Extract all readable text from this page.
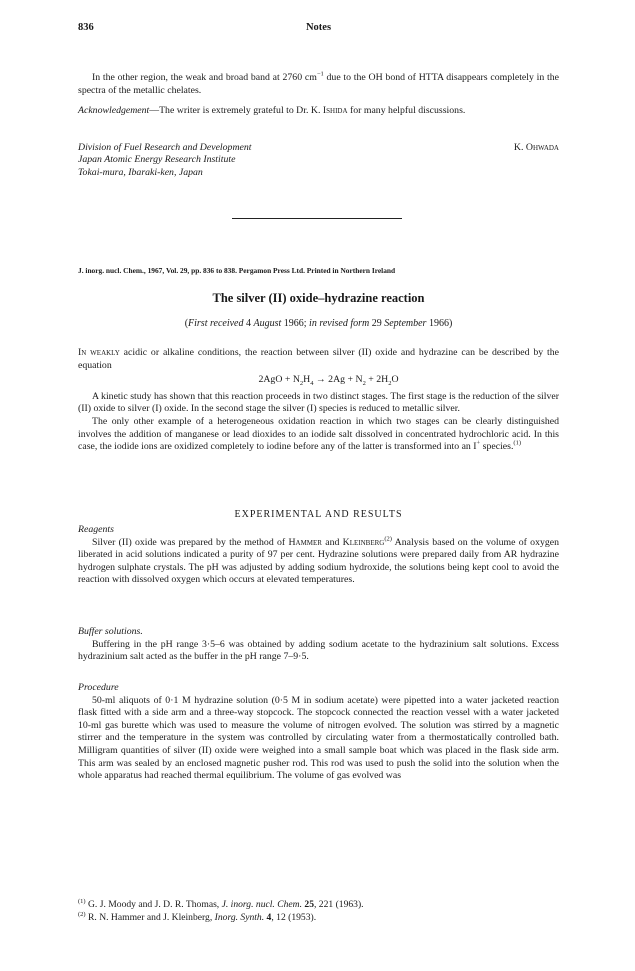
836	Notes

In the other region, the weak and broad band at 2760 $cm^{-1}$ due to the OH bond of HTTA disappears completely in the spectra of the metallic chelates.

Acknowledgement—The writer is extremely grateful to Dr. K. Ishida for many helpful discussions.

Division of Fuel Research and Development
Japan Atomic Energy Research Institute
Tokai-mura, Ibaraki-ken, Japan
K. Ohwada
J. inorg. nucl. Chem., 1967, Vol. 29, pp. 836 to 838. Pergamon Press Ltd. Printed in Northern Ireland
The silver (II) oxide–hydrazine reaction
(First received 4 August 1966; in revised form 29 September 1966)

In weakly acidic or alkaline conditions, the reaction between silver (II) oxide and hydrazine can be described by the equation

$2AgO + N_2H_4 \to 2Ag + N_2 + 2H_2O$

A kinetic study has shown that this reaction proceeds in two distinct stages. The first stage is the reduction of the silver (II) oxide to silver (I) oxide. In the second stage the silver (I) species is reduced to metallic silver.

The only other example of a heterogeneous oxidation reaction in which two stages can be clearly distinguished involves the addition of manganese or lead dioxides to an iodide salt dissolved in concentrated hydrochloric acid. In this case, the iodide ions are oxidized completely to iodine before any of the latter is transformed into an I+ species.$^{(1)}$

EXPERIMENTAL AND RESULTS

Reagents

Silver (II) oxide was prepared by the method of Hammer and Kleinberg$^{(2)}$ Analysis based on the volume of oxygen liberated in acid solutions indicated a purity of 97 per cent. Hydrazine solutions were prepared daily from AR hydrazine hydrogen sulphate crystals. The pH was adjusted by adding sodium hydroxide, the solutions being kept cool to avoid the reaction with dissolved oxygen which occurs at elevated temperatures.

Buffer solutions.

Buffering in the pH range 3·5–6 was obtained by adding sodium acetate to the hydrazinium salt solutions. Excess hydrazinium salt acted as the buffer in the pH range 7–9·5.

Procedure

50-ml aliquots of 0·1 M hydrazine solution (0·5 M in sodium acetate) were pipetted into a water jacketed reaction flask fitted with a side arm and a three-way stopcock. The stopcock connected the reaction vessel with a water jacketed 10-ml gas burette which was used to measure the volume of nitrogen evolved. The solution was stirred by a magnetic stirrer and the temperature in the system was controlled by circulating water from a thermostatically controlled bath. Milligram quantities of silver (II) oxide were weighed into a small sample boat which was placed in the flask side arm. This arm was sealed by an enclosed magnetic pusher rod. This rod was used to push the solid into the solution when the whole apparatus had reached thermal equilibrium. The volume of gas evolved was

$^{(1)}$ G. J. Moody and J. D. R. Thomas, J. inorg. nucl. Chem. 25, 221 (1963).
$^{(2)}$ R. N. Hammer and J. Kleinberg, Inorg. Synth. 4, 12 (1953).
